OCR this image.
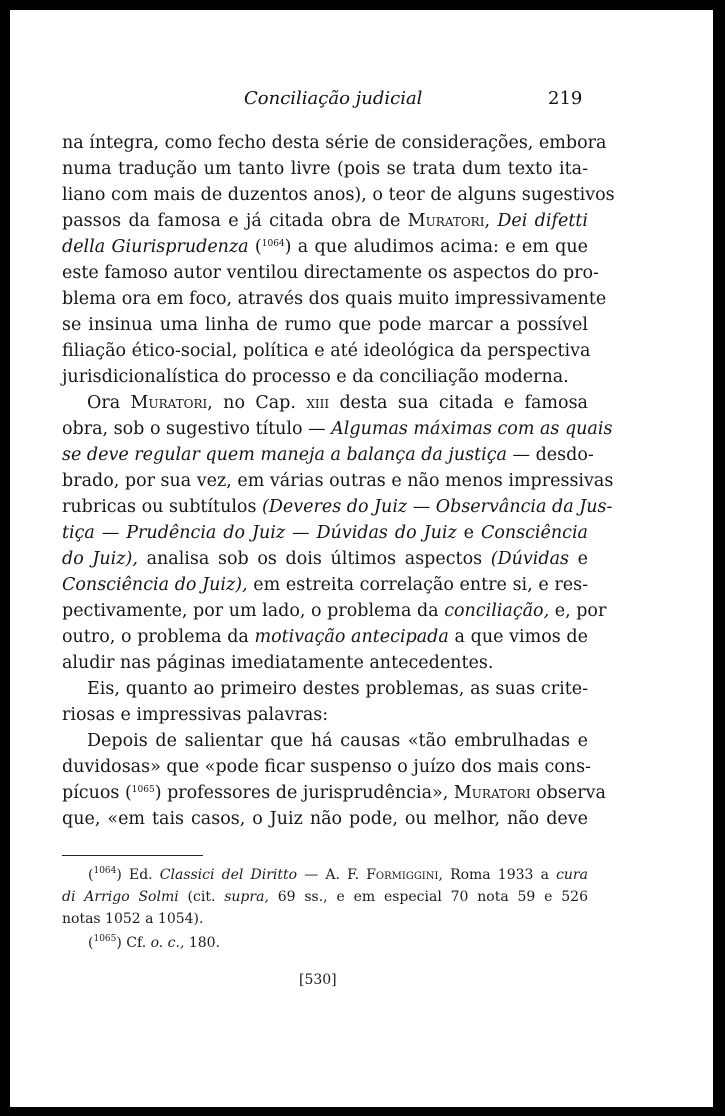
Conciliação judicial	219
na íntegra, como fecho desta série de considerações, embora
numa tradução um tanto livre (pois se trata dum texto ita-
liano com mais de duzentos anos), o teor de alguns sugestivos
passos da famosa e já citada obra de Muratori, Dei difetti
della Giurisprudenza ($^{1064}$) a que aludimos acima: e em que
este famoso autor ventilou directamente os aspectos do pro-
blema ora em foco, através dos quais muito impressivamente
se insinua uma linha de rumo que pode marcar a possível
filiação ético-social, política e até ideológica da perspectiva
jurisdicionalística do processo e da conciliação moderna.
Ora Muratori, no Cap. xiii desta sua citada e famosa
obra, sob o sugestivo título — Algumas máximas com as quais
se deve regular quem maneja a balança da justiça — desdo-
brado, por sua vez, em várias outras e não menos impressivas
rubricas ou subtítulos (Deveres do Juiz — Observância da Jus-
tiça — Prudência do Juiz — Dúvidas do Juiz e Consciência
do Juiz), analisa sob os dois últimos aspectos (Dúvidas e
Consciência do Juiz), em estreita correlação entre si, e res-
pectivamente, por um lado, o problema da conciliação, e, por
outro, o problema da motivação antecipada a que vimos de
aludir nas páginas imediatamente antecedentes.
Eis, quanto ao primeiro destes problemas, as suas crite-
riosas e impressivas palavras:
Depois de salientar que há causas «tão embrulhadas e
duvidosas» que «pode ficar suspenso o juízo dos mais cons-
pícuos ($^{1065}$) professores de jurisprudência», Muratori observa
que, «em tais casos, o Juiz não pode, ou melhor, não deve
($^{1064}$) Ed. Classici del Diritto — A. F. Formiggini, Roma 1933 a cura
di Arrigo Solmi (cit. supra, 69 ss., e em especial 70 nota 59 e 526
notas 1052 a 1054).
($^{1065}$) Cf. o. c., 180.
[530]
